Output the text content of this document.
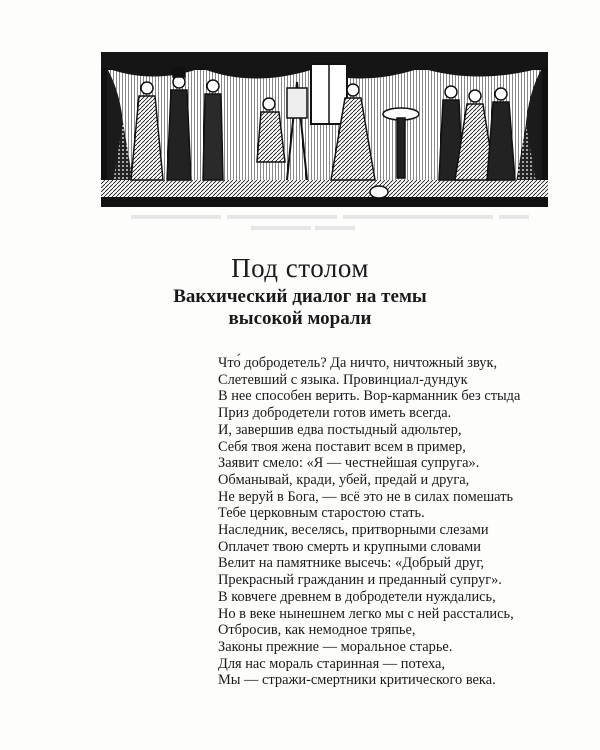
Под столом
Вакхический диалог на темы
высокой морали
Что́ добродетель? Да ничто, ничтожный звук,
Слетевший с языка. Провинциал-дундук
В нее способен верить. Вор-карманник без стыда
Приз добродетели готов иметь всегда.
И, завершив едва постыдный адюльтер,
Себя твоя жена поставит всем в пример,
Заявит смело: «Я — честнейшая супруга».
Обманывай, кради, убей, предай и друга,
Не веруй в Бога, — всё это не в силах помешать
Тебе церковным старостою стать.
Наследник, веселясь, притворными слезами
Оплачет твою смерть и крупными словами
Велит на памятнике высечь: «Добрый друг,
Прекрасный гражданин и преданный супруг».
В ковчеге древнем в добродетели нуждались,
Но в веке нынешнем легко мы с ней расстались,
Отбросив, как немодное тряпье,
Законы прежние — моральное старье.
Для нас мораль старинная — потеха,
Мы — стражи-смертники критического века.
